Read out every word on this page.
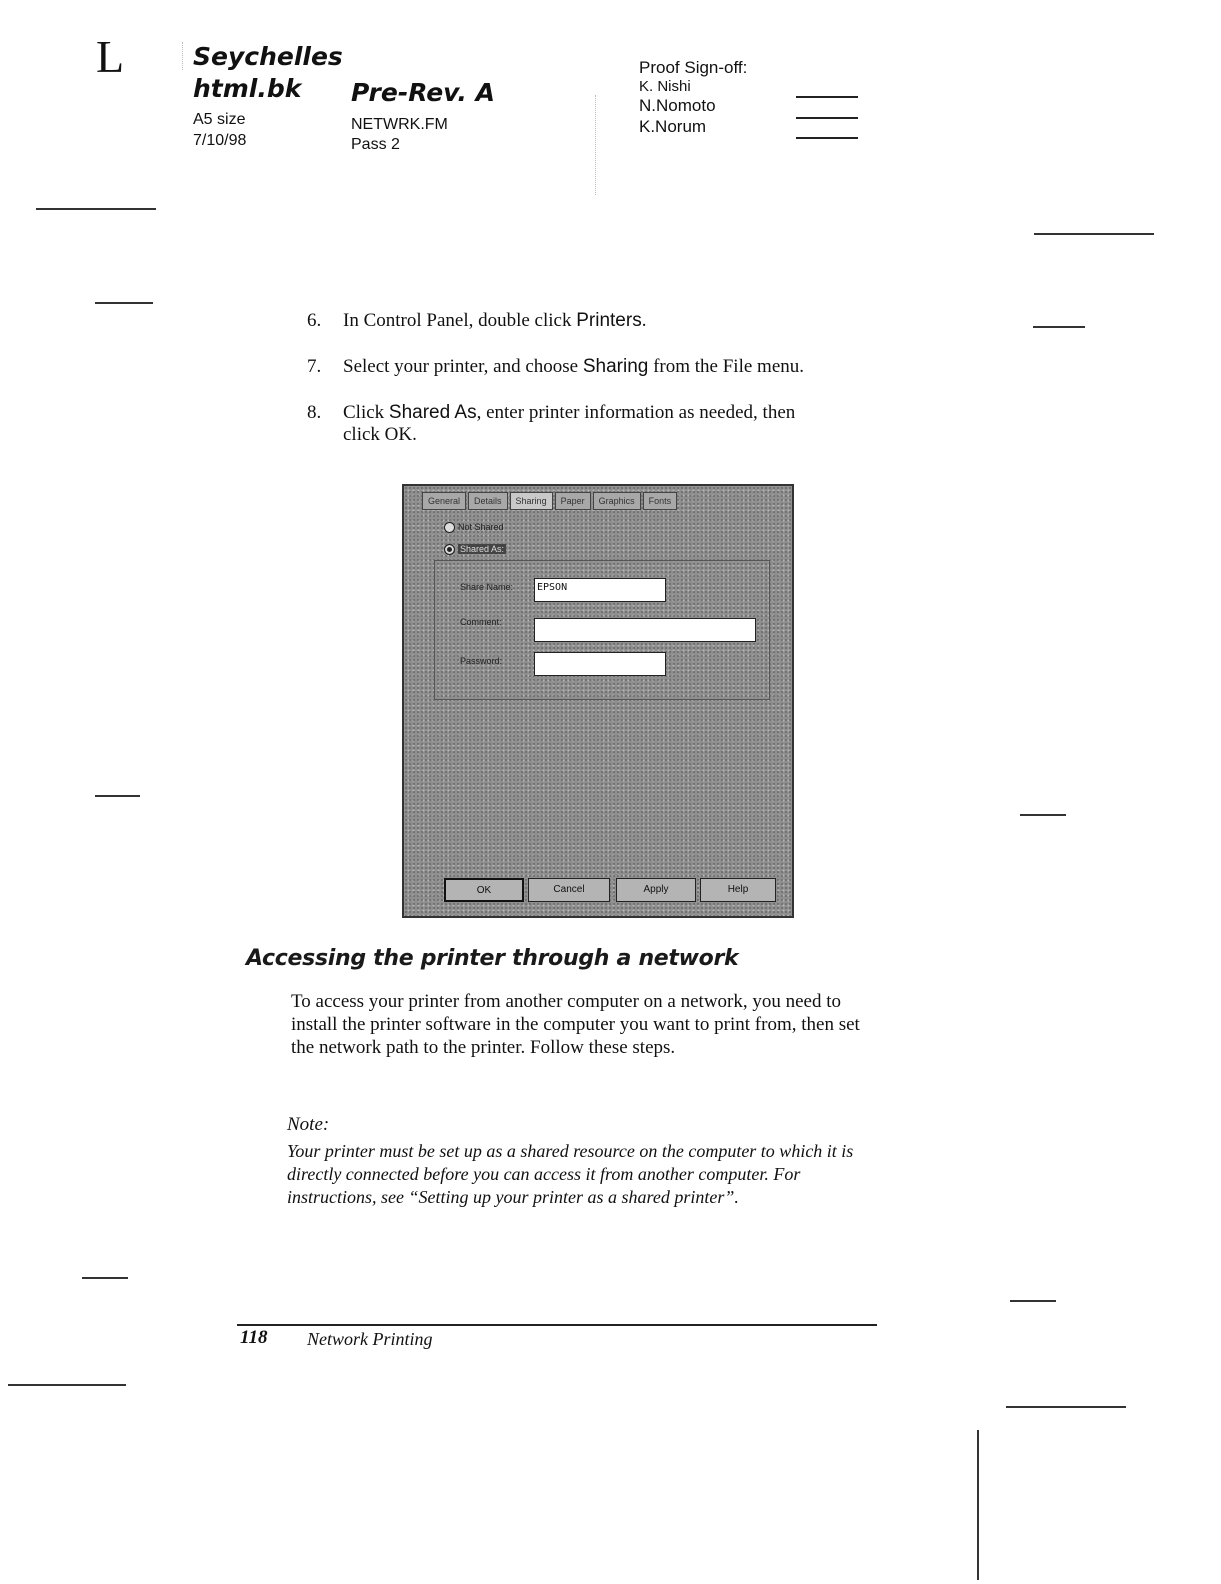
L	Seychelles
html.bk Pre-Rev. A
A5 size
7/10/98
NETWRK.FM
Pass 2
Proof Sign-off:
K. Nishi
N.Nomoto
K.Norum
6. In Control Panel, double click Printers.
7. Select your printer, and choose Sharing from the File menu.
8. Click Shared As, enter printer information as needed, then
click OK.
General	Details	Sharing	Paper	Graphics	Fonts
Not Shared
Shared As:
Share Name:	EPSON
Comment:
Password:
OK	Cancel	Apply	Help
Accessing the printer through a network
To access your printer from another computer on a network, you need to install the printer software in the computer you want to print from, then set the network path to the printer. Follow these steps.
Note:
Your printer must be set up as a shared resource on the computer to which it is directly connected before you can access it from another computer. For instructions, see “Setting up your printer as a shared printer”.
118 Network Printing
